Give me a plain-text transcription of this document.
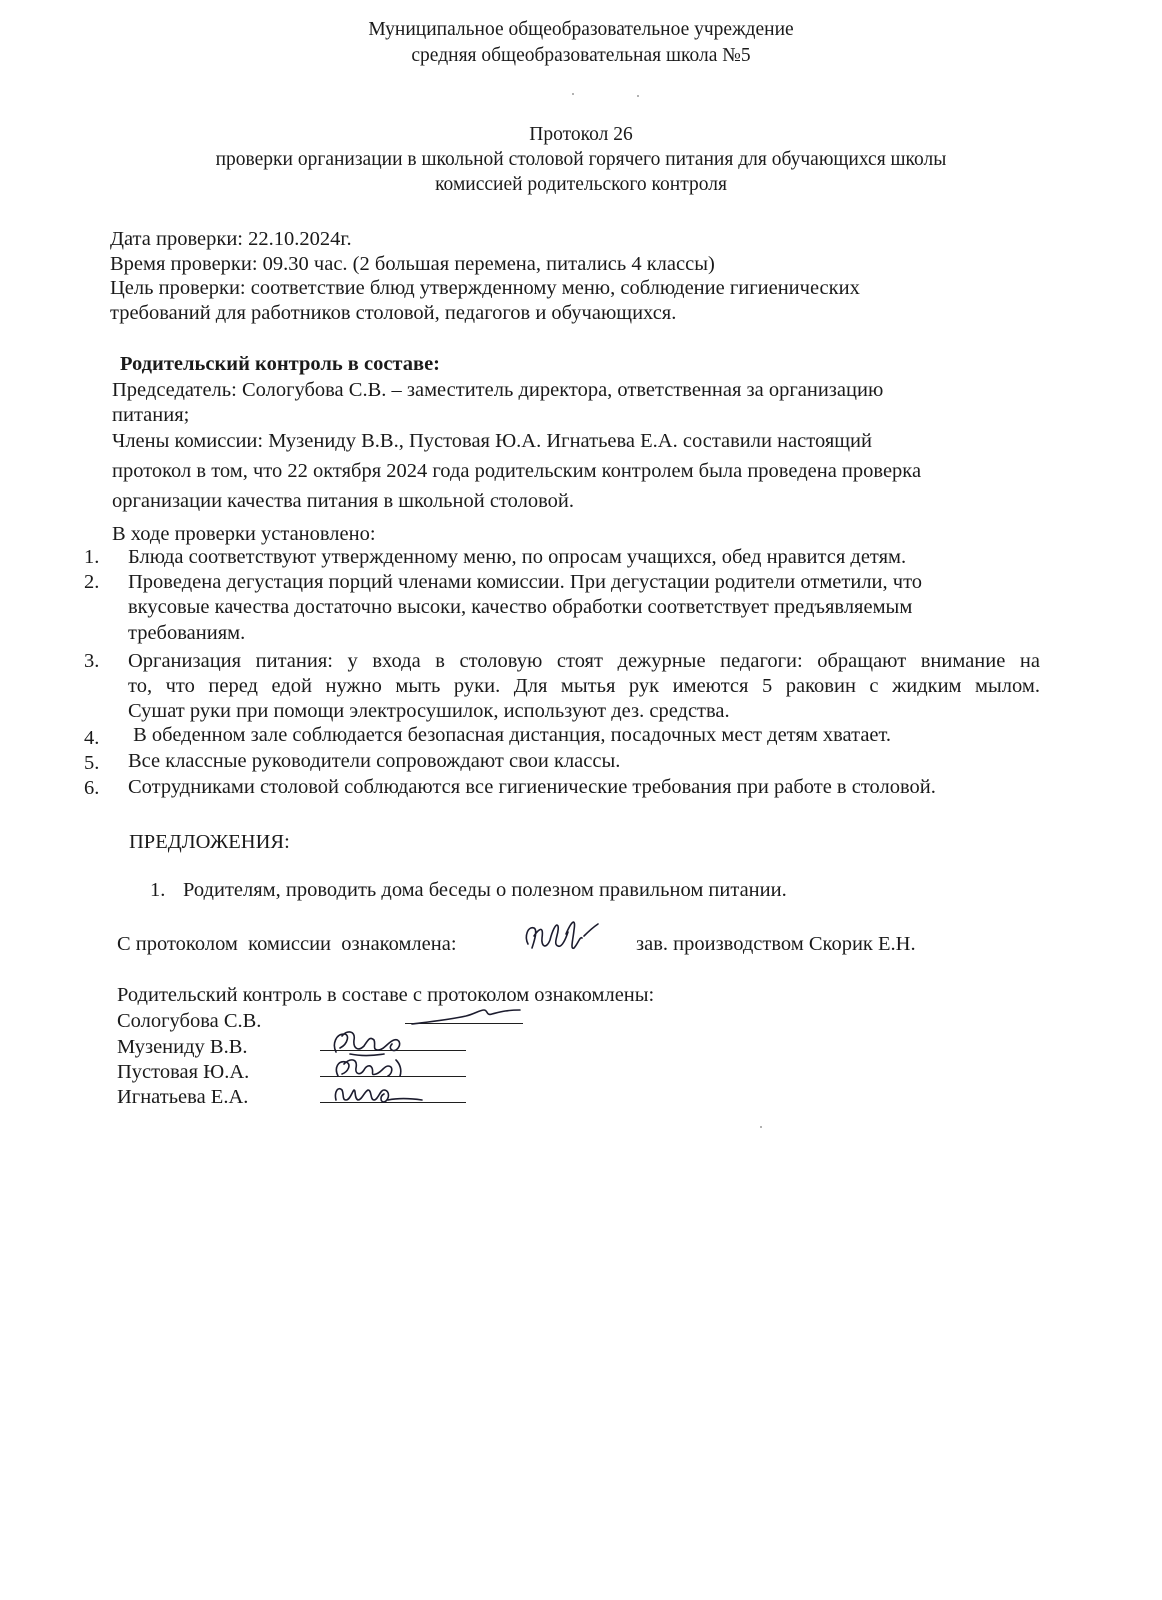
Муниципальное общеобразовательное учреждение
средняя общеобразовательная школа №5
Протокол 26
проверки организации в школьной столовой горячего питания для обучающихся школы
комиссией родительского контроля
Дата проверки: 22.10.2024г.
Время проверки: 09.30 час. (2 большая перемена, питались 4 классы)
Цель проверки: соответствие блюд утвержденному меню, соблюдение гигиенических
требований для работников столовой, педагогов и обучающихся.
Родительский контроль в составе:
Председатель: Сологубова С.В. – заместитель директора, ответственная за организацию
питания;
Члены комиссии: Музениду В.В., Пустовая Ю.А. Игнатьева Е.А. составили настоящий
протокол в том, что 22 октября 2024 года родительским контролем была проведена проверка
организации качества питания в школьной столовой.
В ходе проверки установлено:
1. Блюда соответствуют утвержденному меню, по опросам учащихся, обед нравится детям.
2. Проведена дегустация порций членами комиссии. При дегустации родители отметили, что
вкусовые качества достаточно высоки, качество обработки соответствует предъявляемым
требованиям.
3. Организация питания: у входа в столовую стоят дежурные педагоги: обращают внимание на
то, что перед едой нужно мыть руки. Для мытья рук имеются 5 раковин с жидким мылом.
Сушат руки при помощи электросушилок, используют дез. средства.
4. В обеденном зале соблюдается безопасная дистанция, посадочных мест детям хватает.
5. Все классные руководители сопровождают свои классы.
6. Сотрудниками столовой соблюдаются все гигиенические требования при работе в столовой.
ПРЕДЛОЖЕНИЯ:
1. Родителям, проводить дома беседы о полезном правильном питании.
С протоколом  комиссии  ознакомлена:	зав. производством Скорик Е.Н.
Родительский контроль в составе с протоколом ознакомлены:
Сологубова С.В.
Музениду В.В.
Пустовая Ю.А.
Игнатьева Е.А.
